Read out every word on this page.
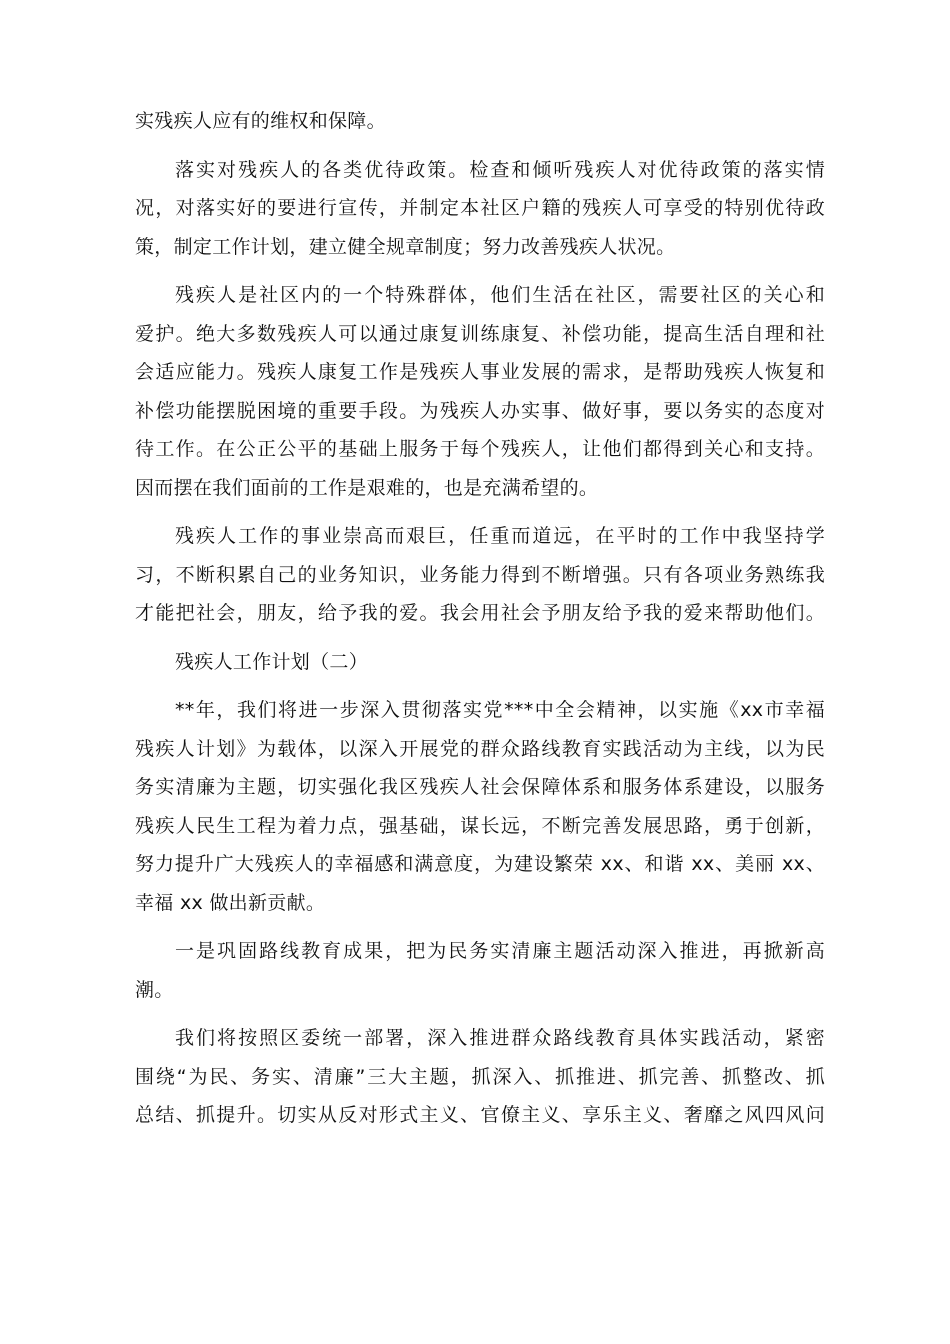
实残疾人应有的维权和保障。
落实对残疾人的各类优待政策。检查和倾听残疾人对优待政策的落实情
况，对落实好的要进行宣传，并制定本社区户籍的残疾人可享受的特别优待政
策，制定工作计划，建立健全规章制度；努力改善残疾人状况。
残疾人是社区内的一个特殊群体，他们生活在社区，需要社区的关心和
爱护。绝大多数残疾人可以通过康复训练康复、补偿功能，提高生活自理和社
会适应能力。残疾人康复工作是残疾人事业发展的需求，是帮助残疾人恢复和
补偿功能摆脱困境的重要手段。为残疾人办实事、做好事，要以务实的态度对
待工作。在公正公平的基础上服务于每个残疾人，让他们都得到关心和支持。
因而摆在我们面前的工作是艰难的，也是充满希望的。
残疾人工作的事业崇高而艰巨，任重而道远，在平时的工作中我坚持学
习，不断积累自己的业务知识，业务能力得到不断增强。只有各项业务熟练我
才能把社会，朋友，给予我的爱。我会用社会予朋友给予我的爱来帮助他们。
残疾人工作计划（二）
**年，我们将进一步深入贯彻落实党***中全会精神，以实施《xx市幸福
残疾人计划》为载体，以深入开展党的群众路线教育实践活动为主线，以为民
务实清廉为主题，切实强化我区残疾人社会保障体系和服务体系建设，以服务
残疾人民生工程为着力点，强基础，谋长远，不断完善发展思路，勇于创新，
努力提升广大残疾人的幸福感和满意度，为建设繁荣 xx、和谐 xx、美丽 xx、
幸福 xx 做出新贡献。
一是巩固路线教育成果，把为民务实清廉主题活动深入推进，再掀新高
潮。
我们将按照区委统一部署，深入推进群众路线教育具体实践活动，紧密
围绕“为民、务实、清廉”三大主题，抓深入、抓推进、抓完善、抓整改、抓
总结、抓提升。切实从反对形式主义、官僚主义、享乐主义、奢靡之风四风问
